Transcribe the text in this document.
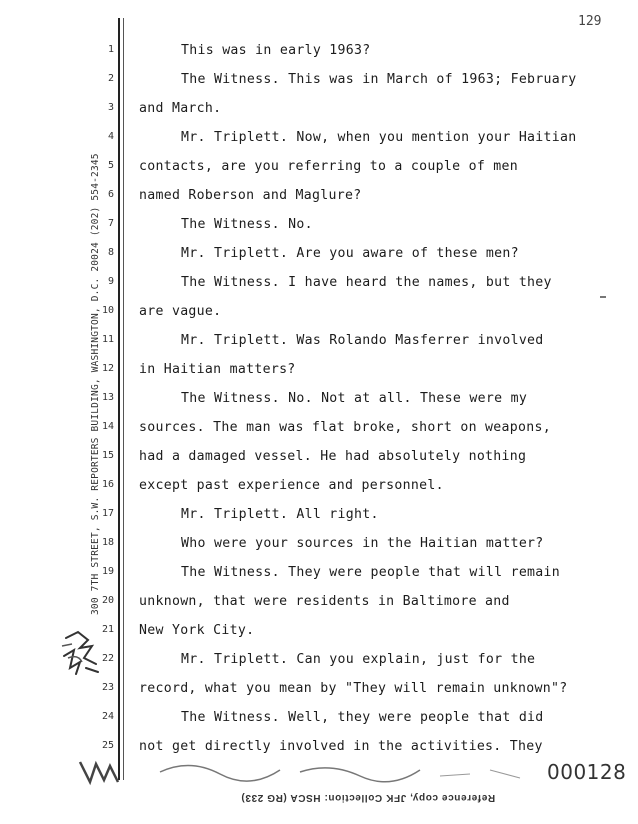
129
300 7TH STREET, S.W. REPORTERS BUILDING, WASHINGTON, D.C. 20024 (202) 554-2345
1	This was in early 1963?
2	The Witness. This was in March of 1963; February
3 and March.
4	Mr. Triplett. Now, when you mention your Haitian
5 contacts, are you referring to a couple of men
6 named Roberson and Maglure?
7	The Witness. No.
8	Mr. Triplett. Are you aware of these men?
9	The Witness. I have heard the names, but they
10 are vague.
11	Mr. Triplett. Was Rolando Masferrer involved
12 in Haitian matters?
13	The Witness. No. Not at all. These were my
14 sources. The man was flat broke, short on weapons,
15 had a damaged vessel. He had absolutely nothing
16 except past experience and personnel.
17	Mr. Triplett. All right.
18	Who were your sources in the Haitian matter?
19	The Witness. They were people that will remain
20 unknown, that were residents in Baltimore and
21 New York City.
22	Mr. Triplett. Can you explain, just for the
23 record, what you mean by "They will remain unknown"?
24	The Witness. Well, they were people that did
25 not get directly involved in the activities. They
000128
Reference copy, JFK Collection: HSCA (RG 233)
